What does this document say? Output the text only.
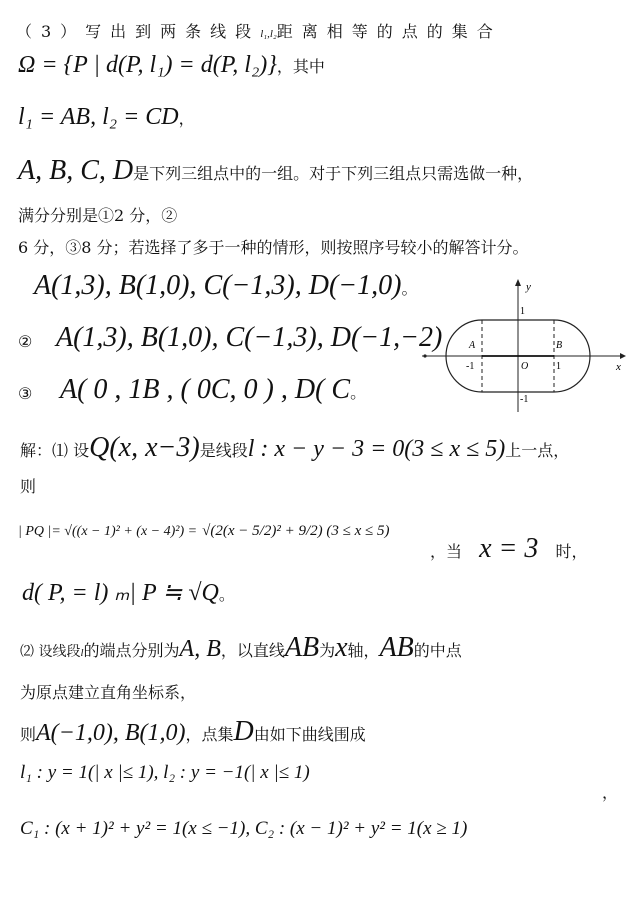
（3）写出到两条线段l₁,l₂距离相等的点的集合
Ω = {P | d(P, l₁) = d(P, l₂)}，其中
l₁ = AB, l₂ = CD，
A, B, C, D是下列三组点中的一组。对于下列三组点只需选做一种，
满分分别是①2 分，②
6 分，③8 分；若选择了多于一种的情形，则按照序号较小的解答计分。
A(1,3), B(1,0), C(−1,3), D(−1,0)。
② A(1,3), B(1,0), C(−1,3), D(−1,−2)
③ A( 0 , 1B , ( 0C, 0 ) , D( C。
y
x
1
-1
A	B
-1	1
O
解：⑴ 设Q(x, x−3)是线段l : x − y − 3 = 0(3 ≤ x ≤ 5)上一点，
则
| PQ |= √((x − 1)² + (x − 4)²) = √(2(x − 5/2)² + 9/2) (3 ≤ x ≤ 5)
，当 x = 3 时，
d( P, = l) ₘ| P ≒ √Q。
⑵ 设线段l的端点分别为A, B，以直线AB为x轴，AB的中点
为原点建立直角坐标系，
则A(−1,0), B(1,0)，点集D由如下曲线围成
l₁ : y = 1(| x |≤ 1), l₂ : y = −1(| x |≤ 1)
，
C₁ : (x + 1)² + y² = 1(x ≤ −1), C₂ : (x − 1)² + y² = 1(x ≥ 1)
